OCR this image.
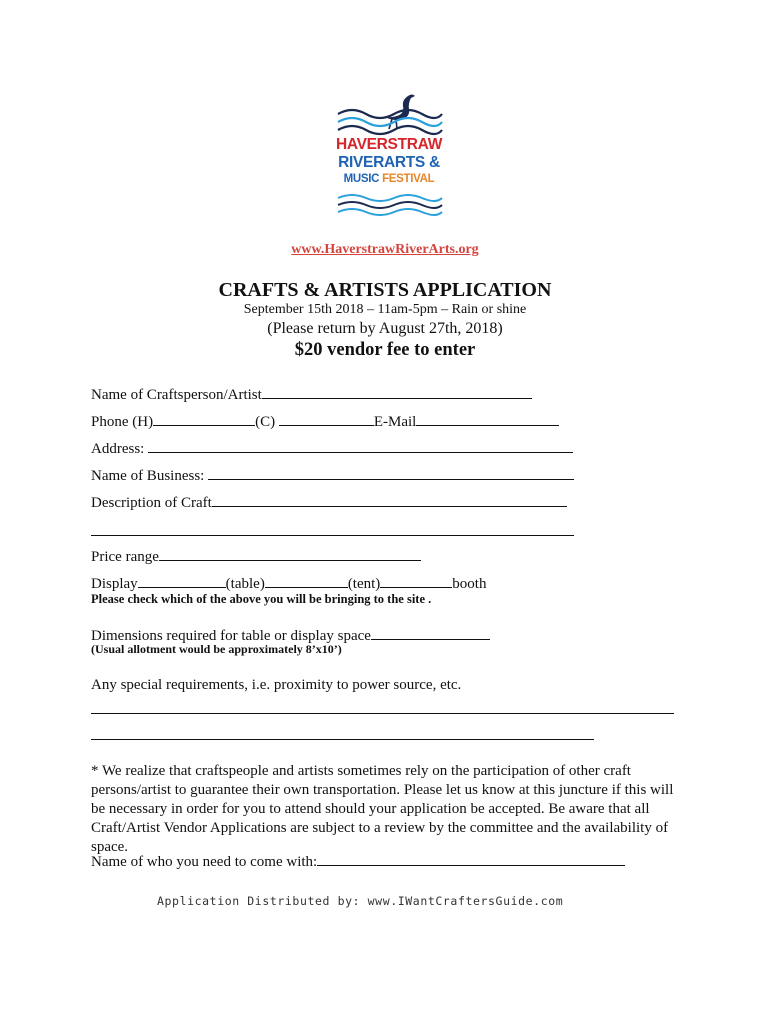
HAVERSTRAW
RIVERARTS &
MUSIC FESTIVAL
www.HaverstrawRiverArts.org
CRAFTS & ARTISTS APPLICATION
September 15th 2018 – 11am-5pm – Rain or shine
(Please return by August 27th, 2018)
$20 vendor fee to enter
Name of Craftsperson/Artist
Phone (H)	(C)	E-Mail
Address:
Name of Business:
Description of Craft
Price range
Display	(table)	(tent)	booth
Please check which of the above you will be bringing to the site .
Dimensions required for table or display space
(Usual allotment would be approximately 8’x10’)
Any special requirements, i.e. proximity to power source, etc.
* We realize that craftspeople and artists sometimes rely on the participation of other craft persons/artist to guarantee their own transportation. Please let us know at this juncture if this will be necessary in order for you to attend should your application be accepted. Be aware that all Craft/Artist Vendor Applications are subject to a review by the committee and the availability of space.
Name of who you need to come with:
Application Distributed by: www.IWantCraftersGuide.com
